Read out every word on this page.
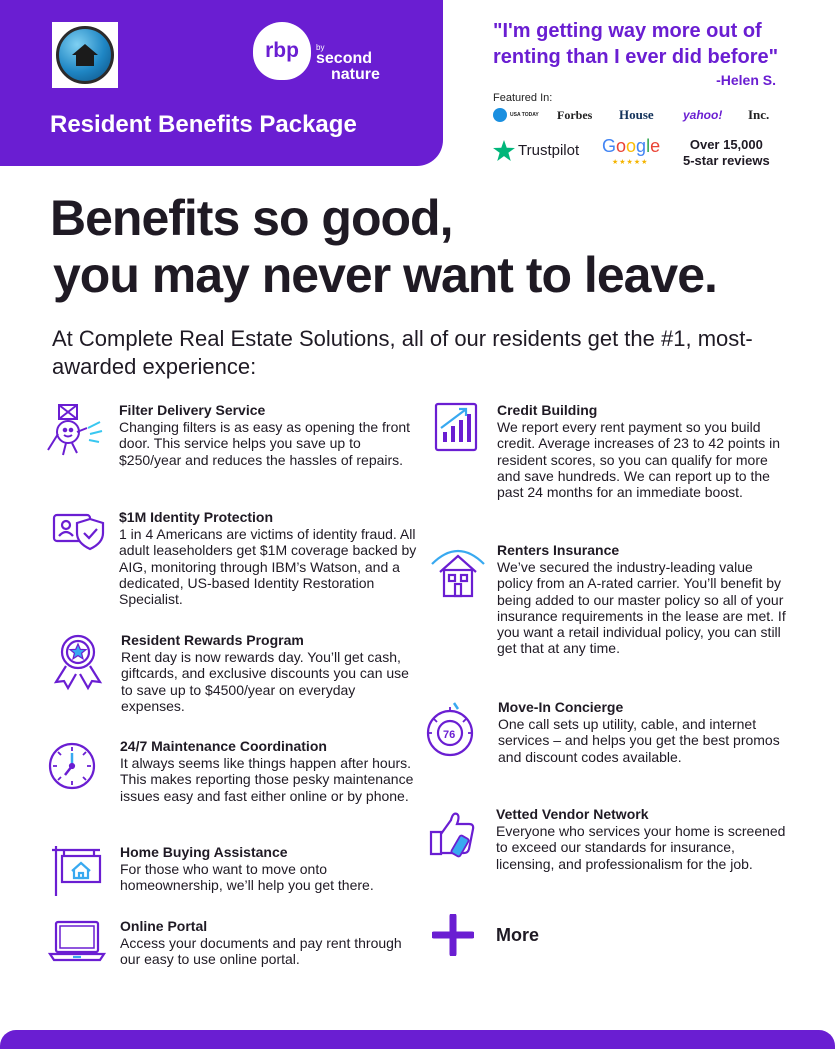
rbp by
second
nature
Resident Benefits Package
"I'm getting way more out of renting than I ever did before"
-Helen S.
Featured In:
USA TODAY Forbes	House	yahoo!	Inc.
Trustpilot Google
★★★★★
Over 15,000
5-star reviews
Benefits so good,
you may never want to leave.
At Complete Real Estate Solutions, all of our residents get the #1, most-awarded experience:
Filter Delivery Service
Changing filters is as easy as opening the front door. This service helps you save up to $250/year and reduces the hassles of repairs.
$1M Identity Protection
1 in 4 Americans are victims of identity fraud. All adult leaseholders get $1M coverage backed by AIG, monitoring through IBM’s Watson, and a dedicated, US-based Identity Restoration Specialist.
Resident Rewards Program
Rent day is now rewards day. You’ll get cash, giftcards, and exclusive discounts you can use to save up to $4500/year on everyday expenses.
24/7 Maintenance Coordination
It always seems like things happen after hours. This makes reporting those pesky maintenance issues easy and fast either online or by phone.
Home Buying Assistance
For those who want to move onto homeownership, we’ll help you get there.
Online Portal
Access your documents and pay rent through our easy to use online portal.
Credit Building
We report every rent payment so you build credit. Average increases of 23 to 42 points in resident scores, so you can qualify for more and save hundreds. We can report up to the past 24 months for an immediate boost.
Renters Insurance
We’ve secured the industry-leading value policy from an A-rated carrier. You’ll benefit by being added to our master policy so all of your insurance requirements in the lease are met. If you want a retail individual policy, you can still get that at any time.
76
Move-In Concierge
One call sets up utility, cable, and internet services – and helps you get the best promos and discount codes available.
Vetted Vendor Network
Everyone who services your home is screened to exceed our standards for insurance, licensing, and professionalism for the job.
More
